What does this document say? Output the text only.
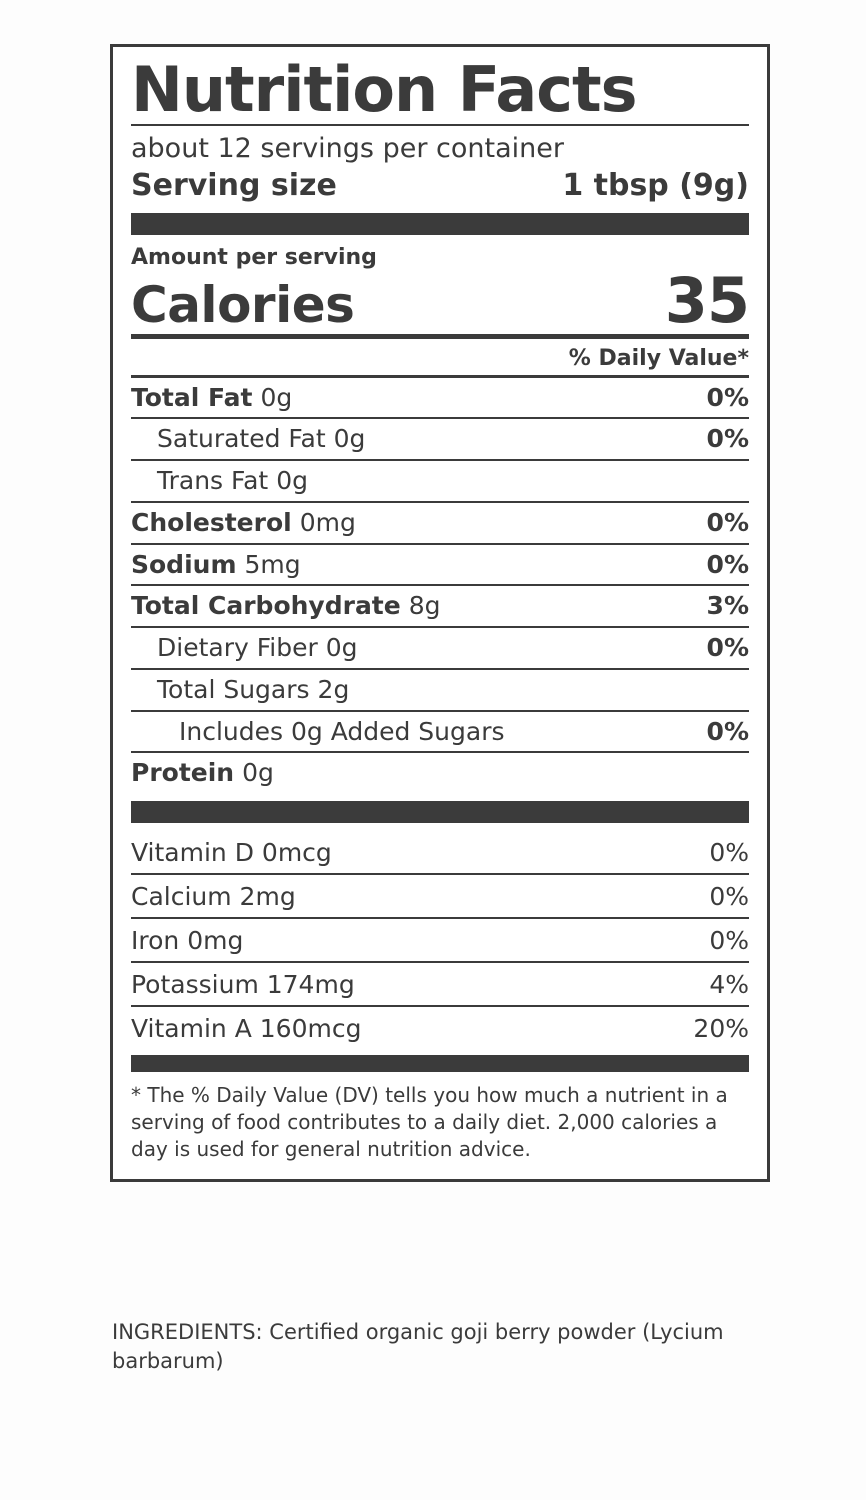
Nutrition Facts
about 12 servings per container
Serving size	1 tbsp (9g)
Amount per serving
Calories	35
% Daily Value*
Total Fat 0g	0%
Saturated Fat 0g	0%
Trans Fat 0g
Cholesterol 0mg	0%
Sodium 5mg	0%
Total Carbohydrate 8g	3%
Dietary Fiber 0g	0%
Total Sugars 2g
Includes 0g Added Sugars	0%
Protein 0g
Vitamin D 0mcg	0%
Calcium 2mg	0%
Iron 0mg	0%
Potassium 174mg	4%
Vitamin A 160mcg	20%
* The % Daily Value (DV) tells you how much a nutrient in a serving of food contributes to a daily diet. 2,000 calories a day is used for general nutrition advice.
INGREDIENTS: Certified organic goji berry powder (Lycium barbarum)
